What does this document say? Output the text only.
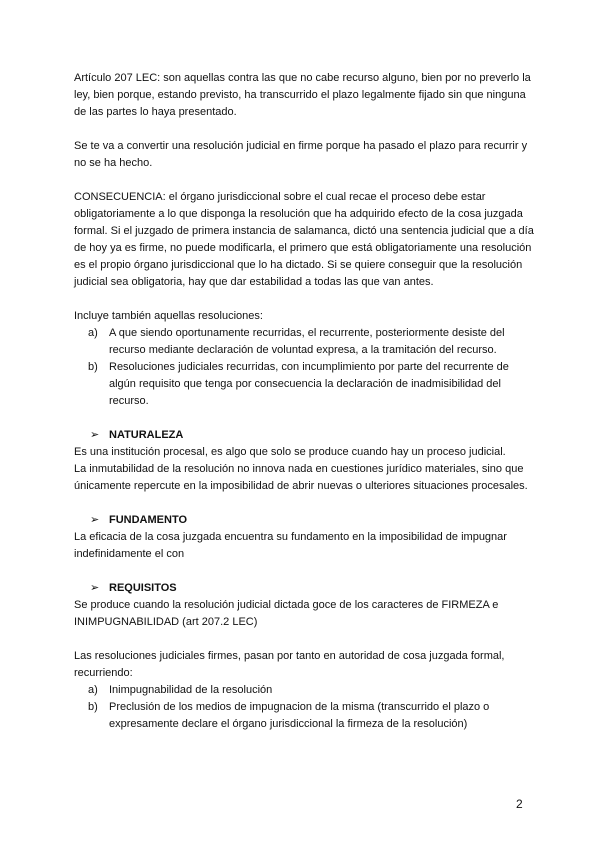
Artículo 207 LEC: son aquellas contra las que no cabe recurso alguno, bien por no preverlo la ley, bien porque, estando previsto, ha transcurrido el plazo legalmente fijado sin que ninguna de las partes lo haya presentado.

Se te va a convertir una resolución judicial en firme porque ha pasado el plazo para recurrir y no se ha hecho.

CONSECUENCIA: el órgano jurisdiccional sobre el cual recae el proceso debe estar obligatoriamente a lo que disponga la resolución que ha adquirido efecto de la cosa juzgada formal. Si el juzgado de primera instancia de salamanca, dictó una sentencia judicial que a día de hoy ya es firme, no puede modificarla, el primero que está obligatoriamente una resolución es el propio órgano jurisdiccional que lo ha dictado. Si se quiere conseguir que la resolución judicial sea obligatoria, hay que dar estabilidad a todas las que van antes.

Incluye también aquellas resoluciones:

a) A que siendo oportunamente recurridas, el recurrente, posteriormente desiste del recurso mediante declaración de voluntad expresa, a la tramitación del recurso.
b) Resoluciones judiciales recurridas, con incumplimiento por parte del recurrente de algún requisito que tenga por consecuencia la declaración de inadmisibilidad del recurso.

➢ NATURALEZA

Es una institución procesal, es algo que solo se produce cuando hay un proceso judicial.

La inmutabilidad de la resolución no innova nada en cuestiones jurídico materiales, sino que únicamente repercute en la imposibilidad de abrir nuevas o ulteriores situaciones procesales.

➢ FUNDAMENTO

La eficacia de la cosa juzgada encuentra su fundamento en la imposibilidad de impugnar indefinidamente el con

➢ REQUISITOS

Se produce cuando la resolución judicial dictada goce de los caracteres de FIRMEZA e INIMPUGNABILIDAD (art 207.2 LEC)

Las resoluciones judiciales firmes, pasan por tanto en autoridad de cosa juzgada formal, recurriendo:

a) Inimpugnabilidad de la resolución
b) Preclusión de los medios de impugnacion de la misma (transcurrido el plazo o expresamente declare el órgano jurisdiccional la firmeza de la resolución)
2
